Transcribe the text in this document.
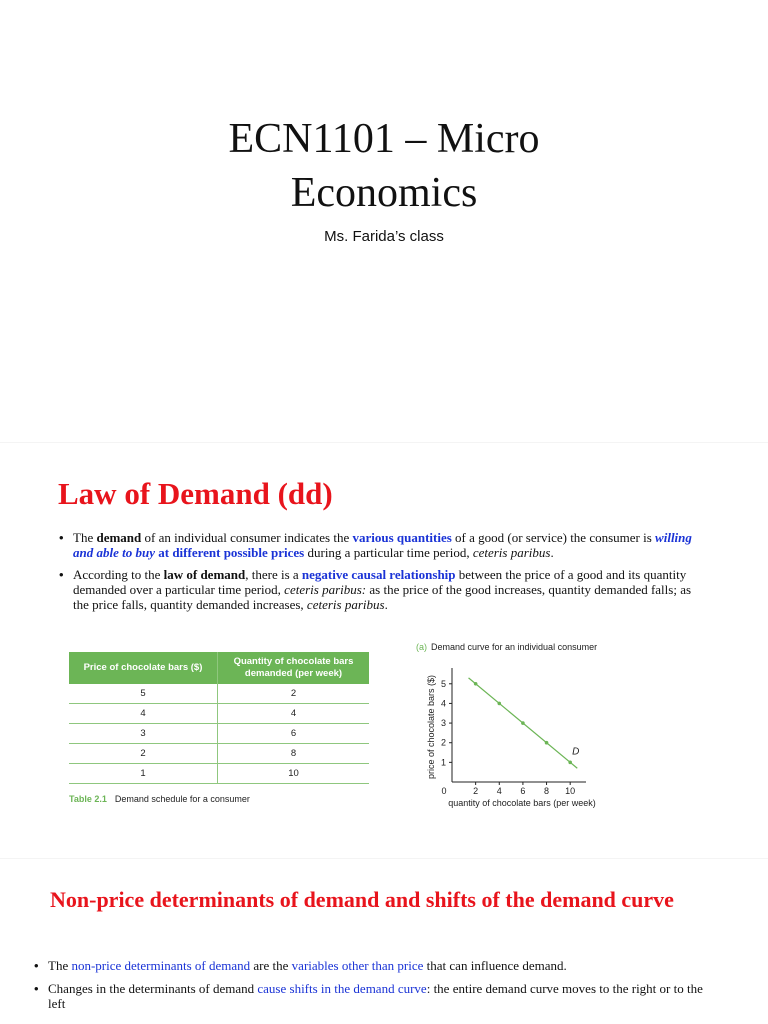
ECN1101 – Micro
Economics
Ms. Farida’s class
Law of Demand (dd)
• The demand of an individual consumer indicates the various quantities of a good (or service) the consumer is willing and able to buy at different possible prices during a particular time period, ceteris paribus.
• According to the law of demand, there is a negative causal relationship between the price of a good and its quantity demanded over a particular time period, ceteris paribus: as the price of the good increases, quantity demanded falls; as the price falls, quantity demanded increases, ceteris paribus.
Price of chocolate bars ($)	Quantity of chocolate bars demanded (per week)
5	2
4	4
3	6
2	8
1	10
Table 2.1 Demand schedule for a consumer
(a) Demand curve for an individual consumer
2 4 6 8 10
1
2
3
4
5
0
D
quantity of chocolate bars (per week)
price of chocolate bars ($)
Non-price determinants of demand and shifts of the demand curve
• The non-price determinants of demand are the variables other than price that can influence demand.
• Changes in the determinants of demand cause shifts in the demand curve: the entire demand curve moves to the right or to the left
